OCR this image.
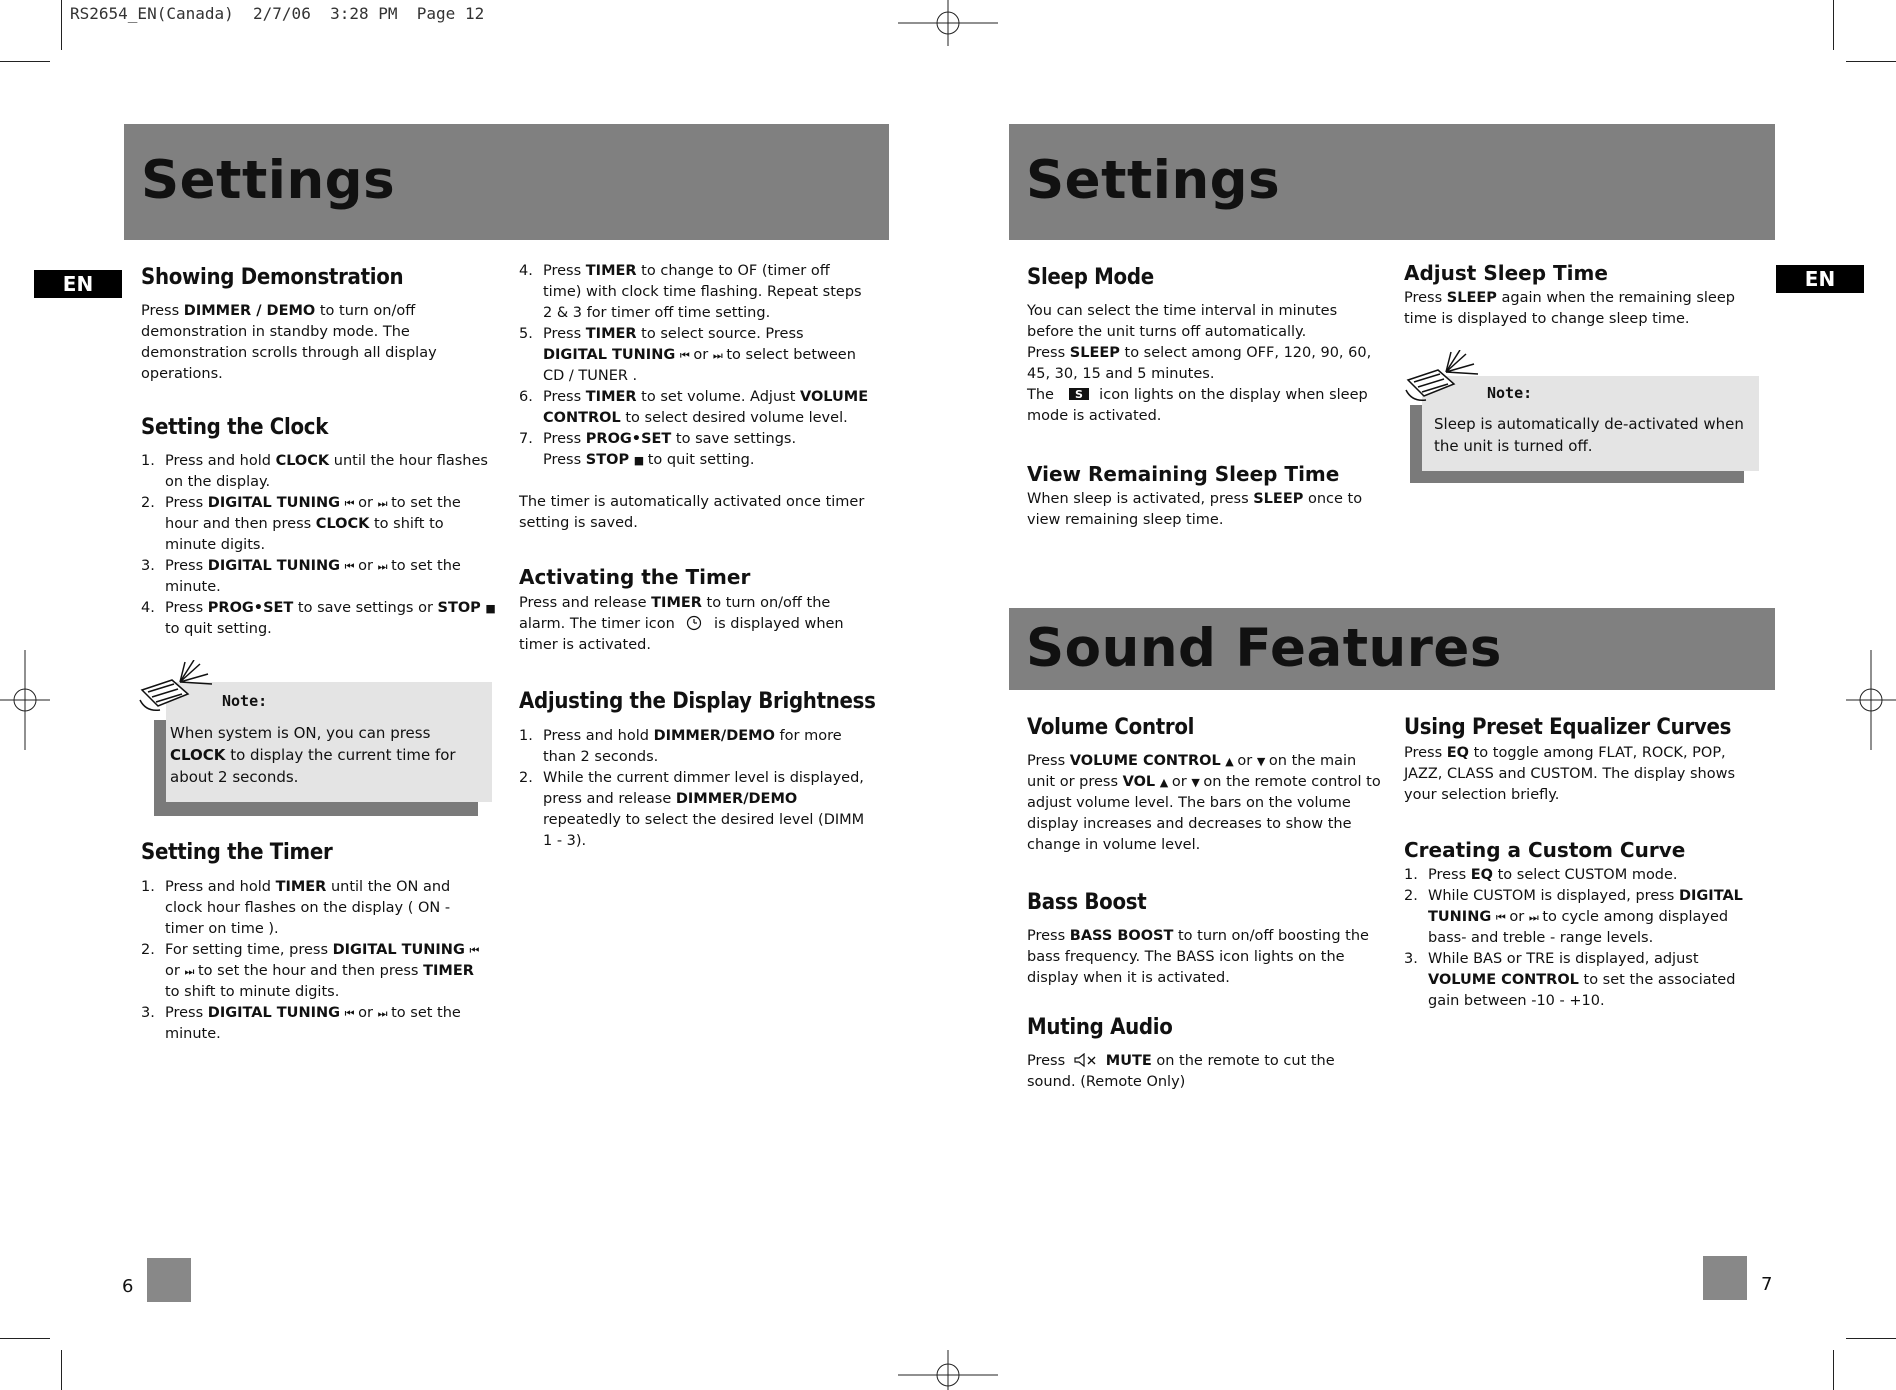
RS2654_EN(Canada)  2/7/06  3:28 PM  Page 12
Settings
EN	Showing Demonstration

Press DIMMER / DEMO to turn on/off demonstration in standby mode. The demonstration scrolls through all display operations.

Setting the Clock
1. Press and hold CLOCK until the hour flashes on the display.
2. Press DIGITAL TUNING ⏮ or ⏭ to set the hour and then press CLOCK to shift to minute digits.
3. Press DIGITAL TUNING ⏮ or ⏭ to set the minute.
4. Press PROG•SET to save settings or STOP ■ to quit setting.
Note:
When system is ON, you can press CLOCK to display the current time for about 2 seconds.
Setting the Timer
1. Press and hold TIMER until the ON and clock hour flashes on the display ( ON - timer on time ).
2. For setting time, press DIGITAL TUNING ⏮ or ⏭ to set the hour and then press TIMER to shift to minute digits.
3. Press DIGITAL TUNING ⏮ or ⏭ to set the minute.
4. Press TIMER to change to OF (timer off time) with clock time flashing. Repeat steps 2 & 3 for timer off time setting.
5. Press TIMER to select source. Press DIGITAL TUNING ⏮ or ⏭ to select between CD / TUNER .
6. Press TIMER to set volume. Adjust VOLUME CONTROL to select desired volume level.
7. Press PROG•SET to save settings.
Press STOP ■ to quit setting.

The timer is automatically activated once timer setting is saved.

Activating the Timer

Press and release TIMER to turn on/off the alarm. The timer icon  is displayed when timer is activated.

Adjusting the Display Brightness
1. Press and hold DIMMER/DEMO for more than 2 seconds.
2. While the current dimmer level is displayed, press and release DIMMER/DEMO repeatedly to select the desired level (DIMM 1 - 3).
6
Settings
EN
Sleep Mode

You can select the time interval in minutes before the unit turns off automatically.
Press SLEEP to select among OFF, 120, 90, 60, 45, 30, 15 and 5 minutes.
The S icon lights on the display when sleep mode is activated.

View Remaining Sleep Time

When sleep is activated, press SLEEP once to view remaining sleep time.

Adjust Sleep Time

Press SLEEP again when the remaining sleep time is displayed to change sleep time.

Note:
Sleep is automatically de-activated when the unit is turned off.
Sound Features
Volume Control

Press VOLUME CONTROL ▲ or ▼ on the main unit or press VOL ▲ or ▼ on the remote control to adjust volume level. The bars on the volume display increases and decreases to show the change in volume level.

Bass Boost

Press BASS BOOST to turn on/off boosting the bass frequency. The BASS icon lights on the display when it is activated.

Muting Audio

Press MUTE on the remote to cut the sound. (Remote Only)

Using Preset Equalizer Curves

Press EQ to toggle among FLAT, ROCK, POP, JAZZ, CLASS and CUSTOM. The display shows your selection briefly.

Creating a Custom Curve
1. Press EQ to select CUSTOM mode.
2. While CUSTOM is displayed, press DIGITAL TUNING ⏮ or ⏭ to cycle among displayed bass- and treble - range levels.
3. While BAS or TRE is displayed, adjust VOLUME CONTROL to set the associated gain between -10 - +10.
7
